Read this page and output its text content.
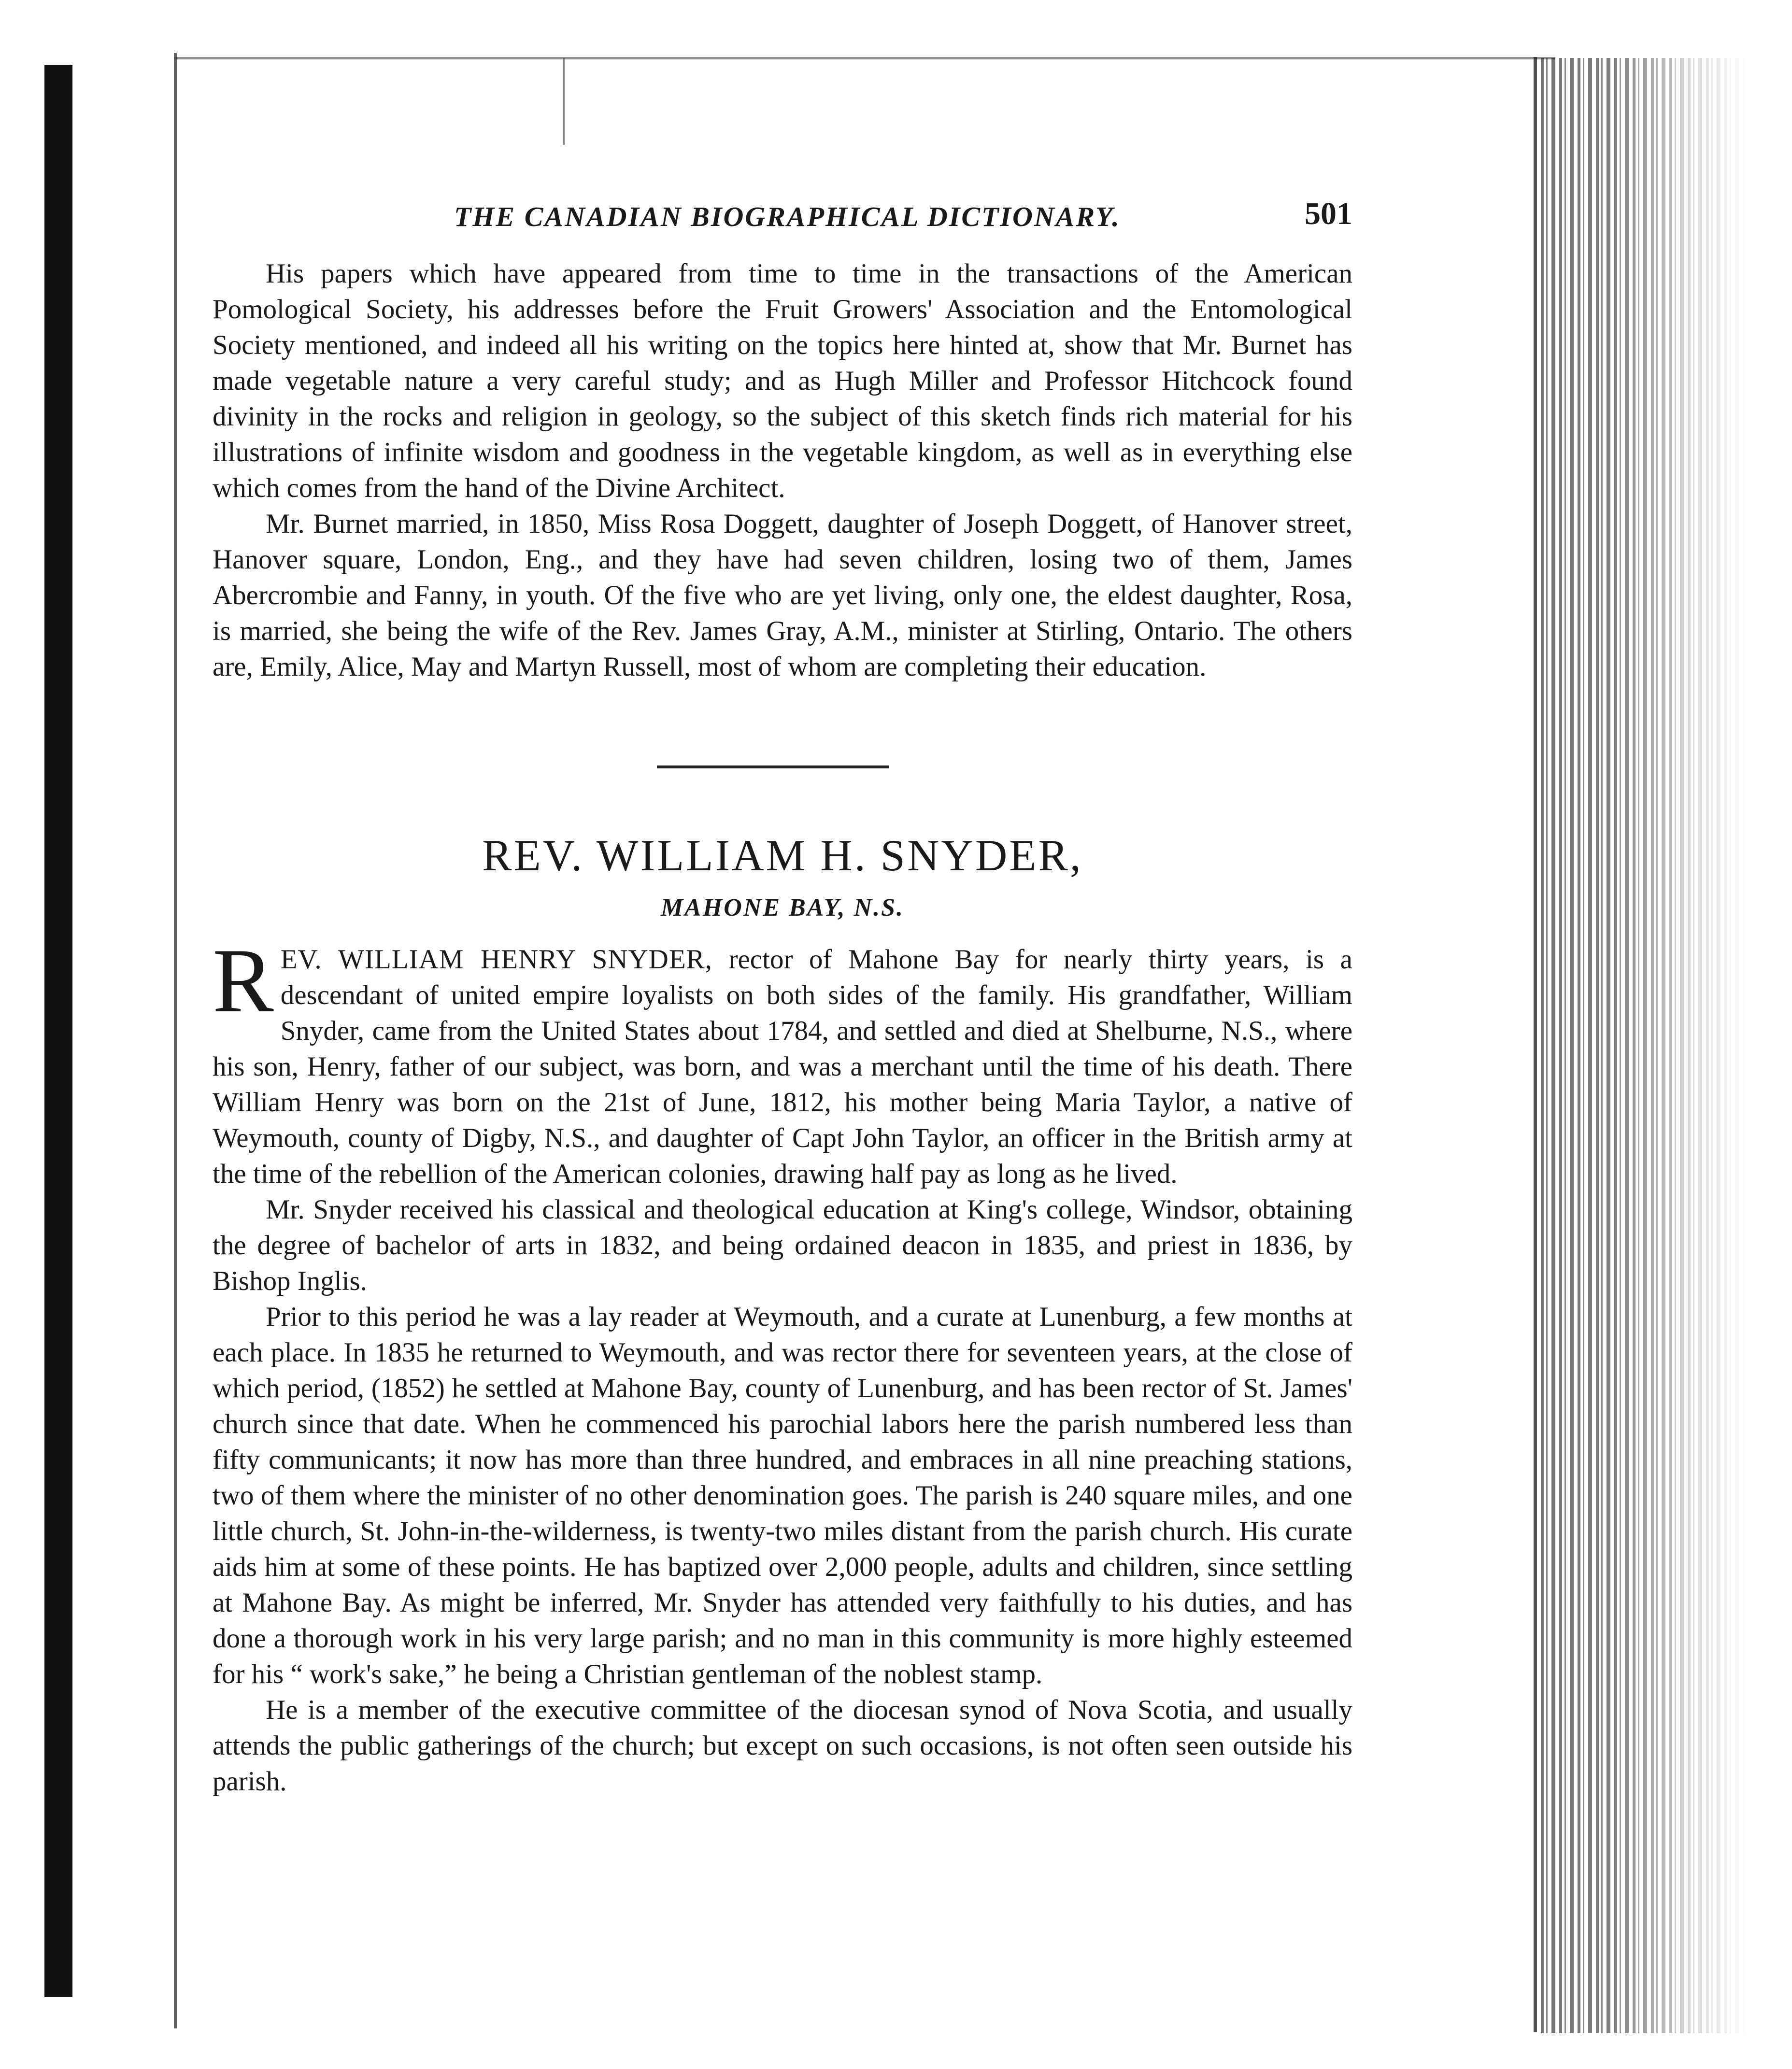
THE CANADIAN BIOGRAPHICAL DICTIONARY.	501

His papers which have appeared from time to time in the transactions of the American Pomological Society, his addresses before the Fruit Growers' Association and the Entomological Society mentioned, and indeed all his writing on the topics here hinted at, show that Mr. Burnet has made vegetable nature a very careful study; and as Hugh Miller and Professor Hitchcock found divinity in the rocks and religion in geology, so the subject of this sketch finds rich material for his illustrations of infinite wisdom and goodness in the vegetable kingdom, as well as in everything else which comes from the hand of the Divine Architect.

Mr. Burnet married, in 1850, Miss Rosa Doggett, daughter of Joseph Doggett, of Hanover street, Hanover square, London, Eng., and they have had seven children, losing two of them, James Abercrombie and Fanny, in youth. Of the five who are yet living, only one, the eldest daughter, Rosa, is married, she being the wife of the Rev. James Gray, A.M., minister at Stirling, Ontario. The others are, Emily, Alice, May and Martyn Russell, most of whom are completing their education.

REV. WILLIAM H. SNYDER,
MAHONE BAY, N.S.

REV. WILLIAM HENRY SNYDER, rector of Mahone Bay for nearly thirty years, is a descendant of united empire loyalists on both sides of the family. His grandfather, William Snyder, came from the United States about 1784, and settled and died at Shelburne, N.S., where his son, Henry, father of our subject, was born, and was a merchant until the time of his death. There William Henry was born on the 21st of June, 1812, his mother being Maria Taylor, a native of Weymouth, county of Digby, N.S., and daughter of Capt John Taylor, an officer in the British army at the time of the rebellion of the American colonies, drawing half pay as long as he lived.

Mr. Snyder received his classical and theological education at King's college, Windsor, obtaining the degree of bachelor of arts in 1832, and being ordained deacon in 1835, and priest in 1836, by Bishop Inglis.

Prior to this period he was a lay reader at Weymouth, and a curate at Lunenburg, a few months at each place. In 1835 he returned to Weymouth, and was rector there for seventeen years, at the close of which period, (1852) he settled at Mahone Bay, county of Lunenburg, and has been rector of St. James' church since that date. When he commenced his parochial labors here the parish numbered less than fifty communicants; it now has more than three hundred, and embraces in all nine preaching stations, two of them where the minister of no other denomination goes. The parish is 240 square miles, and one little church, St. John-in-the-wilderness, is twenty-two miles distant from the parish church. His curate aids him at some of these points. He has baptized over 2,000 people, adults and children, since settling at Mahone Bay. As might be inferred, Mr. Snyder has attended very faithfully to his duties, and has done a thorough work in his very large parish; and no man in this community is more highly esteemed for his “ work's sake,” he being a Christian gentleman of the noblest stamp.

He is a member of the executive committee of the diocesan synod of Nova Scotia, and usually attends the public gatherings of the church; but except on such occasions, is not often seen outside his parish.
